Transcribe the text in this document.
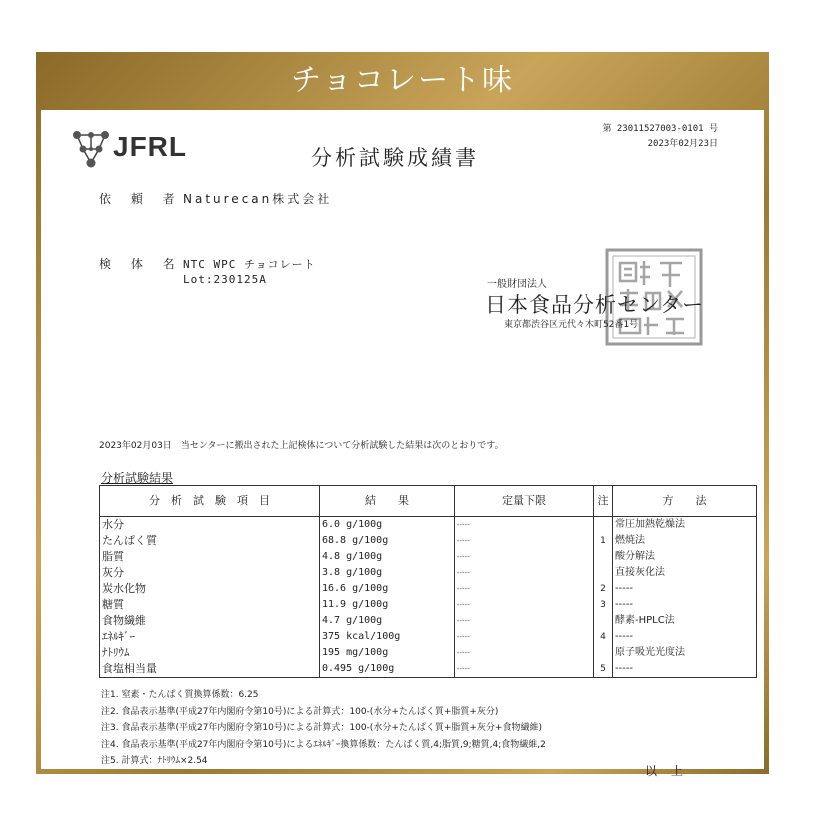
チョコレート味
JFRL
第 23011527003-0101 号
2023年02月23日
分析試験成績書
依 頼 者 Naturecan株式会社
検 体 名 NTC WPC チョコレート
Lot:230125A	一般財団法人
日本食品分析センター
東京都渋谷区元代々木町52番1号
2023年02月03日　当センターに搬出された上記検体について分析試験した結果は次のとおりです。
分析試験結果
分　析　試　験　項　目	結　　果	定量下限	注	方　　法
水分	6.0 g/100g	-----		常圧加熱乾燥法
たんぱく質	68.8 g/100g	-----	1	燃焼法
脂質	4.8 g/100g	-----		酸分解法
灰分	3.8 g/100g	-----		直接灰化法
炭水化物	16.6 g/100g	-----	2	-----
糖質	11.9 g/100g	-----	3	-----
食物繊維	4.7 g/100g	-----		酵素-HPLC法
ｴﾈﾙｷﾞｰ	375 kcal/100g	-----	4	-----
ﾅﾄﾘｳﾑ	195 mg/100g	-----		原子吸光光度法
食塩相当量	0.495 g/100g	-----	5	-----
注1. 窒素・たんぱく質換算係数：6.25
注2. 食品表示基準(平成27年内閣府令第10号)による計算式：100-(水分+たんぱく質+脂質+灰分)
注3. 食品表示基準(平成27年内閣府令第10号)による計算式：100-(水分+たんぱく質+脂質+灰分+食物繊維)
注4. 食品表示基準(平成27年内閣府令第10号)によるｴﾈﾙｷﾞｰ換算係数：たんぱく質,4;脂質,9;糖質,4;食物繊維,2
注5. 計算式：ﾅﾄﾘｳﾑ×2.54
以上
